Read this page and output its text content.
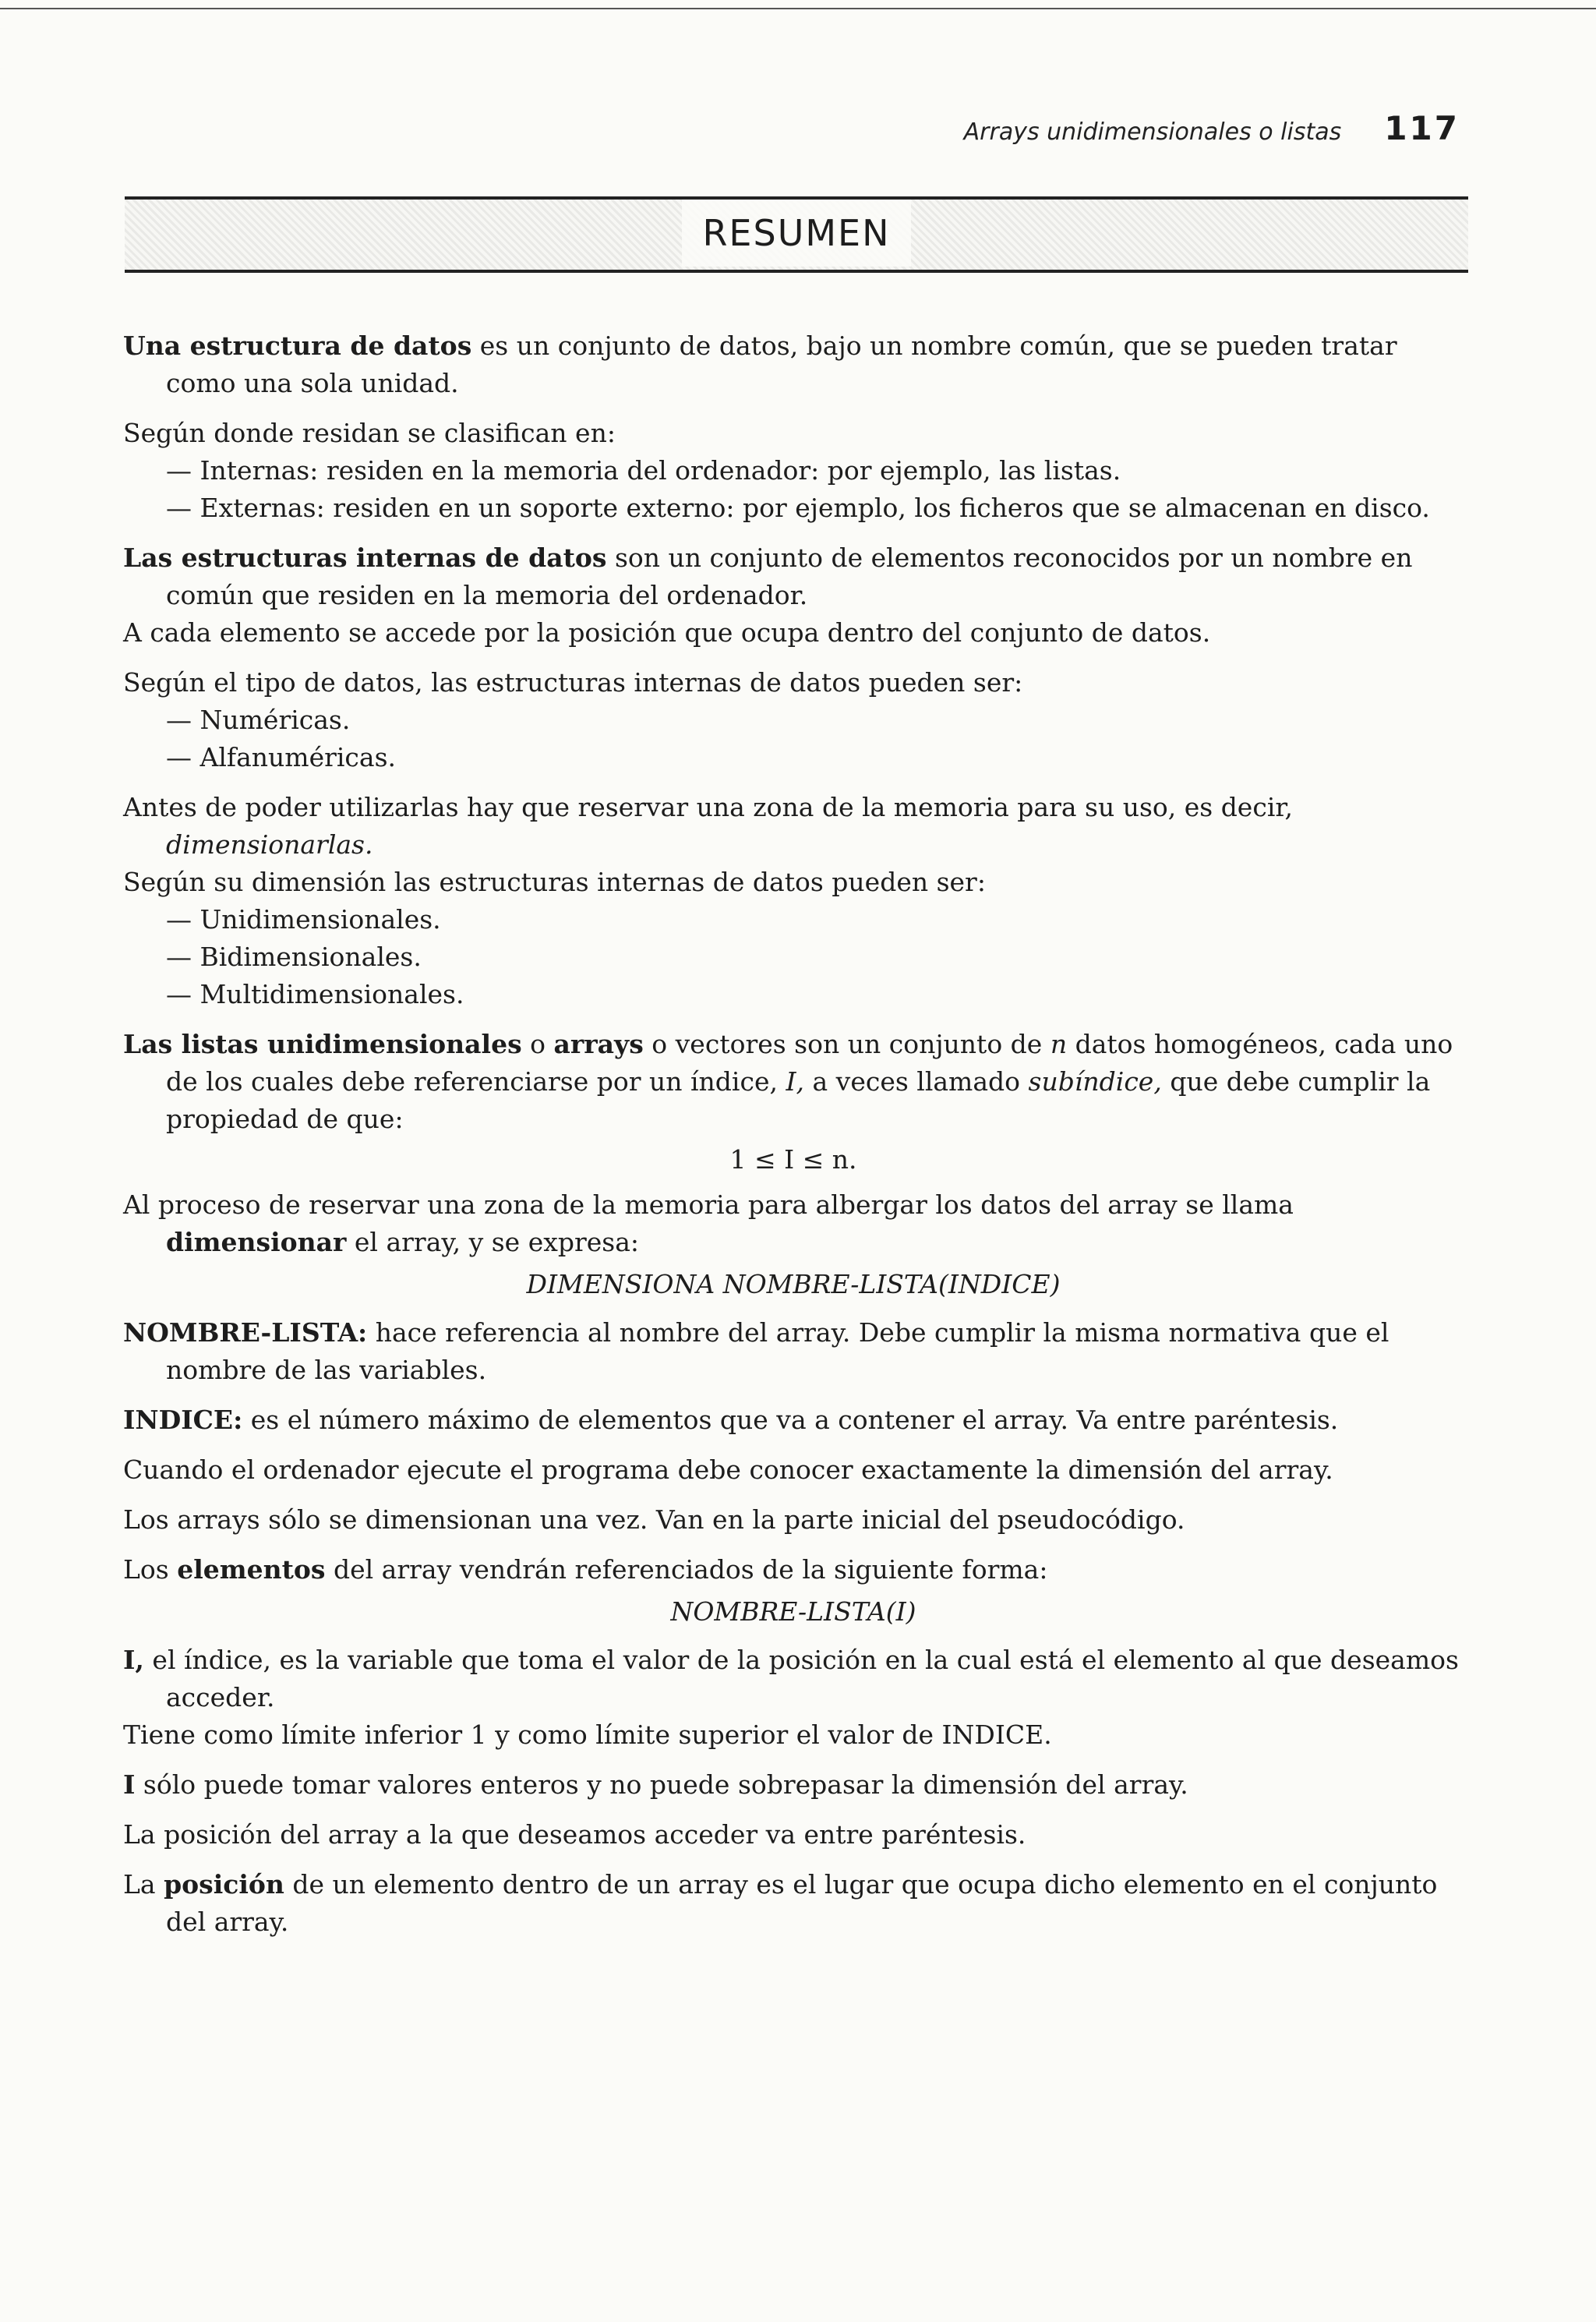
Arrays unidimensionales o listas 117
RESUMEN

Una estructura de datos es un conjunto de datos, bajo un nombre común, que se pueden tratar como una sola unidad.

Según donde residan se clasifican en:
— Internas: residen en la memoria del ordenador: por ejemplo, las listas.
— Externas: residen en un soporte externo: por ejemplo, los ficheros que se almacenan en disco.
Las estructuras internas de datos son un conjunto de elementos reconocidos por un nombre en común que residen en la memoria del ordenador.
A cada elemento se accede por la posición que ocupa dentro del conjunto de datos.
Según el tipo de datos, las estructuras internas de datos pueden ser:
— Numéricas.
— Alfanuméricas.

Antes de poder utilizarlas hay que reservar una zona de la memoria para su uso, es decir, dimensionarlas.

Según su dimensión las estructuras internas de datos pueden ser:
— Unidimensionales.
— Bidimensionales.
— Multidimensionales.

Las listas unidimensionales o arrays o vectores son un conjunto de n datos homogéneos, cada uno de los cuales debe referenciarse por un índice, I, a veces llamado subíndice, que debe cumplir la propiedad de que:

1 ≤ I ≤ n.

Al proceso de reservar una zona de la memoria para albergar los datos del array se llama dimensionar el array, y se expresa:

DIMENSIONA NOMBRE-LISTA(INDICE)

NOMBRE-LISTA: hace referencia al nombre del array. Debe cumplir la misma normativa que el nombre de las variables.

INDICE: es el número máximo de elementos que va a contener el array. Va entre paréntesis.

Cuando el ordenador ejecute el programa debe conocer exactamente la dimensión del array.

Los arrays sólo se dimensionan una vez. Van en la parte inicial del pseudocódigo.

Los elementos del array vendrán referenciados de la siguiente forma:

NOMBRE-LISTA(I)
I, el índice, es la variable que toma el valor de la posición en la cual está el elemento al que deseamos acceder.
Tiene como límite inferior 1 y como límite superior el valor de INDICE.

I sólo puede tomar valores enteros y no puede sobrepasar la dimensión del array.

La posición del array a la que deseamos acceder va entre paréntesis.

La posición de un elemento dentro de un array es el lugar que ocupa dicho elemento en el conjunto del array.
